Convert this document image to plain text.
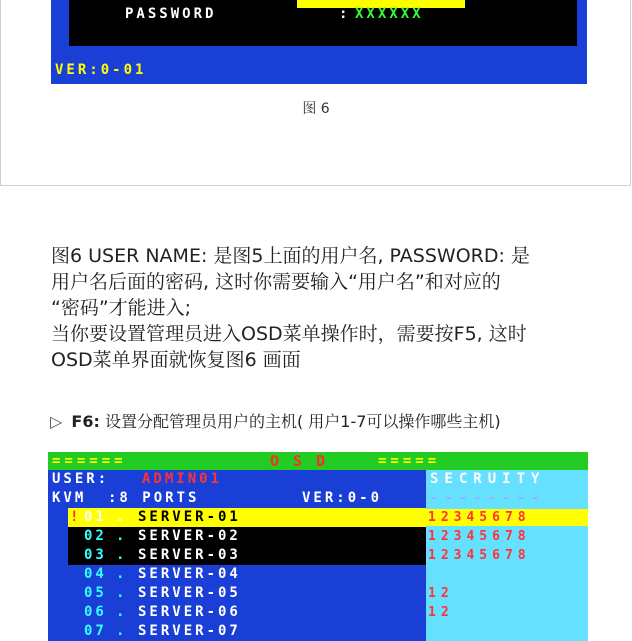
PASSWORD	: XXXXXX
VER:0-01
图 6

图6 USER NAME: 是图5上面的用户名, PASSWORD: 是

用户名后面的密码, 这时你需要输入“用户名”和对应的

“密码”才能进入;

当你要设置管理员进入OSD菜单操作时，需要按F5, 这时

OSD菜单界面就恢复图6 画面

▷ F6: 设置分配管理员用户的主机( 用户1-7可以操作哪些主机)
======	OSD	=====
USER: ADMIN01	SECRUITY
KVM :8 PORTS	VER:0-0	--------
! 01 . SERVER-01	12345678
02 . SERVER-02	12345678
03 . SERVER-03	12345678
04 . SERVER-04
05 . SERVER-05	12
06 . SERVER-06	12
07 . SERVER-07
